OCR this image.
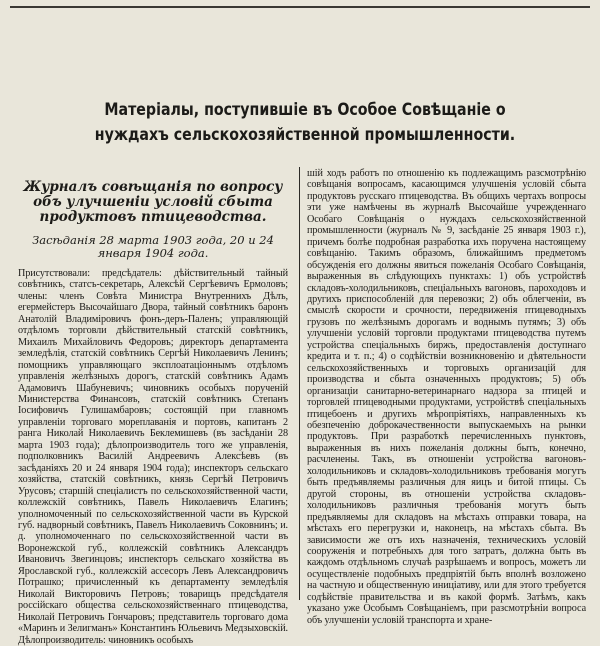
Матеріалы, поступившіе въ Особое Совѣщаніе о нуждахъ сельскохозяйственной промышленности.
Журналъ совѣщанія по вопросу объ улучшеніи условій сбыта продуктовъ птицеводства.
Засѣданія 28 марта 1903 года, 20 и 24 января 1904 года.

Присутствовали: предсѣдатель: дѣйствительный тайный совѣтникъ, статсъ-секретарь, Алексѣй Сергѣевичъ Ермоловъ; члены: членъ Совѣта Министра Внутреннихъ Дѣлъ, егермейстеръ Высочайшаго Двора, тайный совѣтникъ баронъ Анатолій Владиміровичъ фонъ-деръ-Паленъ; управляющій отдѣломъ торговли дѣйствительный статскій совѣтникъ, Михаилъ Михайловичъ Федоровъ; директоръ департамента земледѣлія, статскій совѣтникъ Сергѣй Николаевичъ Ленинъ; помощникъ управляющаго эксплоатаціоннымъ отдѣломъ управленія желѣзныхъ дорогъ, статскій совѣтникъ Адамъ Адамовичъ Шабуневичъ; чиновникъ особыхъ порученій Министерства Финансовъ, статскій совѣтникъ Степанъ Іосифовичъ Гулишамбаровъ; состоящій при главномъ управленіи торговаго мореплаванія и портовъ, капитанъ 2 ранга Николай Николаевичъ Беклемишевъ (въ засѣданіи 28 марта 1903 года); дѣлопроизводитель того же управленія, подполковникъ Василій Андреевичъ Алексѣевъ (въ засѣданіяхъ 20 и 24 января 1904 года); инспекторъ сельскаго хозяйства, статскій совѣтникъ, князь Сергѣй Петровичъ Урусовъ; старшій спеціалистъ по сельскохозяйственной части, коллежскій совѣтникъ, Павелъ Николаевичъ Елагинъ; уполномоченный по сельскохозяйственной части въ Курской губ. надворный совѣтникъ, Павелъ Николаевичъ Соковнинъ; и. д. уполномоченнаго по сельскохозяйственной части въ Воронежской губ., коллежскій совѣтникъ Александръ Ивановичъ Звегинцовъ; инспекторъ сельскаго хозяйства въ Ярославской губ., коллежскій ассесоръ Левъ Александровичъ Потрашко; причисленный къ департаменту земледѣлія Николай Викторовичъ Петровъ; товарищъ предсѣдателя россійскаго общества сельскохозяйственнаго птицеводства, Николай Петровичъ Гончаровъ; представитель торговаго дома «Маринъ и Зелигманъ» Константинъ Юльевичъ Медзыховскій. Дѣлопроизводитель: чиновникъ особыхъ

шій ходъ работъ по отношенію къ подлежащимъ разсмотрѣнію совѣщанія вопросамъ, касающимся улучшенія условій сбыта продуктовъ русскаго птицеводства. Въ общихъ чертахъ вопросы эти уже намѣчены въ журналѣ Высочайше учрежденнаго Особаго Совѣщанія о нуждахъ сельскохозяйственной промышленности (журналъ № 9, засѣданіе 25 января 1903 г.), причемъ болѣе подробная разработка ихъ поручена настоящему совѣщанію. Такимъ образомъ, ближайшимъ предметомъ обсужденія его должны явиться пожеланія Особаго Совѣщанія, выраженныя въ слѣдующихъ пунктахъ: 1) объ устройствѣ складовъ-холодильниковъ, спеціальныхъ вагоновъ, пароходовъ и другихъ приспособленій для перевозки; 2) объ облегченіи, въ смыслѣ скорости и срочности, передвиженія птицеводныхъ грузовъ по желѣзнымъ дорогамъ и воднымъ путямъ; 3) объ улучшеніи условій торговли продуктами птицеводства путемъ устройства спеціальныхъ биржъ, предоставленія доступнаго кредита и т. п.; 4) о содѣйствіи возникновенію и дѣятельности сельскохозяйственныхъ и торговыхъ организацій для производства и сбыта означенныхъ продуктовъ; 5) объ организаціи санитарно-ветеринарнаго надзора за птицей и торговлей птицеводными продуктами, устройствѣ спеціальныхъ птицебоенъ и другихъ мѣропріятіяхъ, направленныхъ къ обезпеченію доброкачественности выпускаемыхъ на рынки продуктовъ. При разработкѣ перечисленныхъ пунктовъ, выраженныя въ нихъ пожеланія должны быть, конечно, расчленены. Такъ, въ отношеніи устройства вагоновъ-холодильниковъ и складовъ-холодильниковъ требованія могутъ быть предъявляемы различныя для яицъ и битой птицы. Съ другой стороны, въ отношеніи устройства складовъ-холодильниковъ различныя требованія могутъ быть предъявляемы для складовъ на мѣстахъ отправки товара, на мѣстахъ его перегрузки и, наконецъ, на мѣстахъ сбыта. Въ зависимости же отъ ихъ назначенія, техническихъ условій сооруженія и потребныхъ для того затратъ, должна быть въ каждомъ отдѣльномъ случаѣ разрѣшаемъ и вопросъ, можетъ ли осуществленіе подобныхъ предпріятій быть вполнѣ возложено на частную и общественную иниціативу, или для этого требуется содѣйствіе правительства и въ какой формѣ. Затѣмъ, какъ указано уже Особымъ Совѣщаніемъ, при разсмотрѣніи вопроса объ улучшеніи условій транспорта и хране-
